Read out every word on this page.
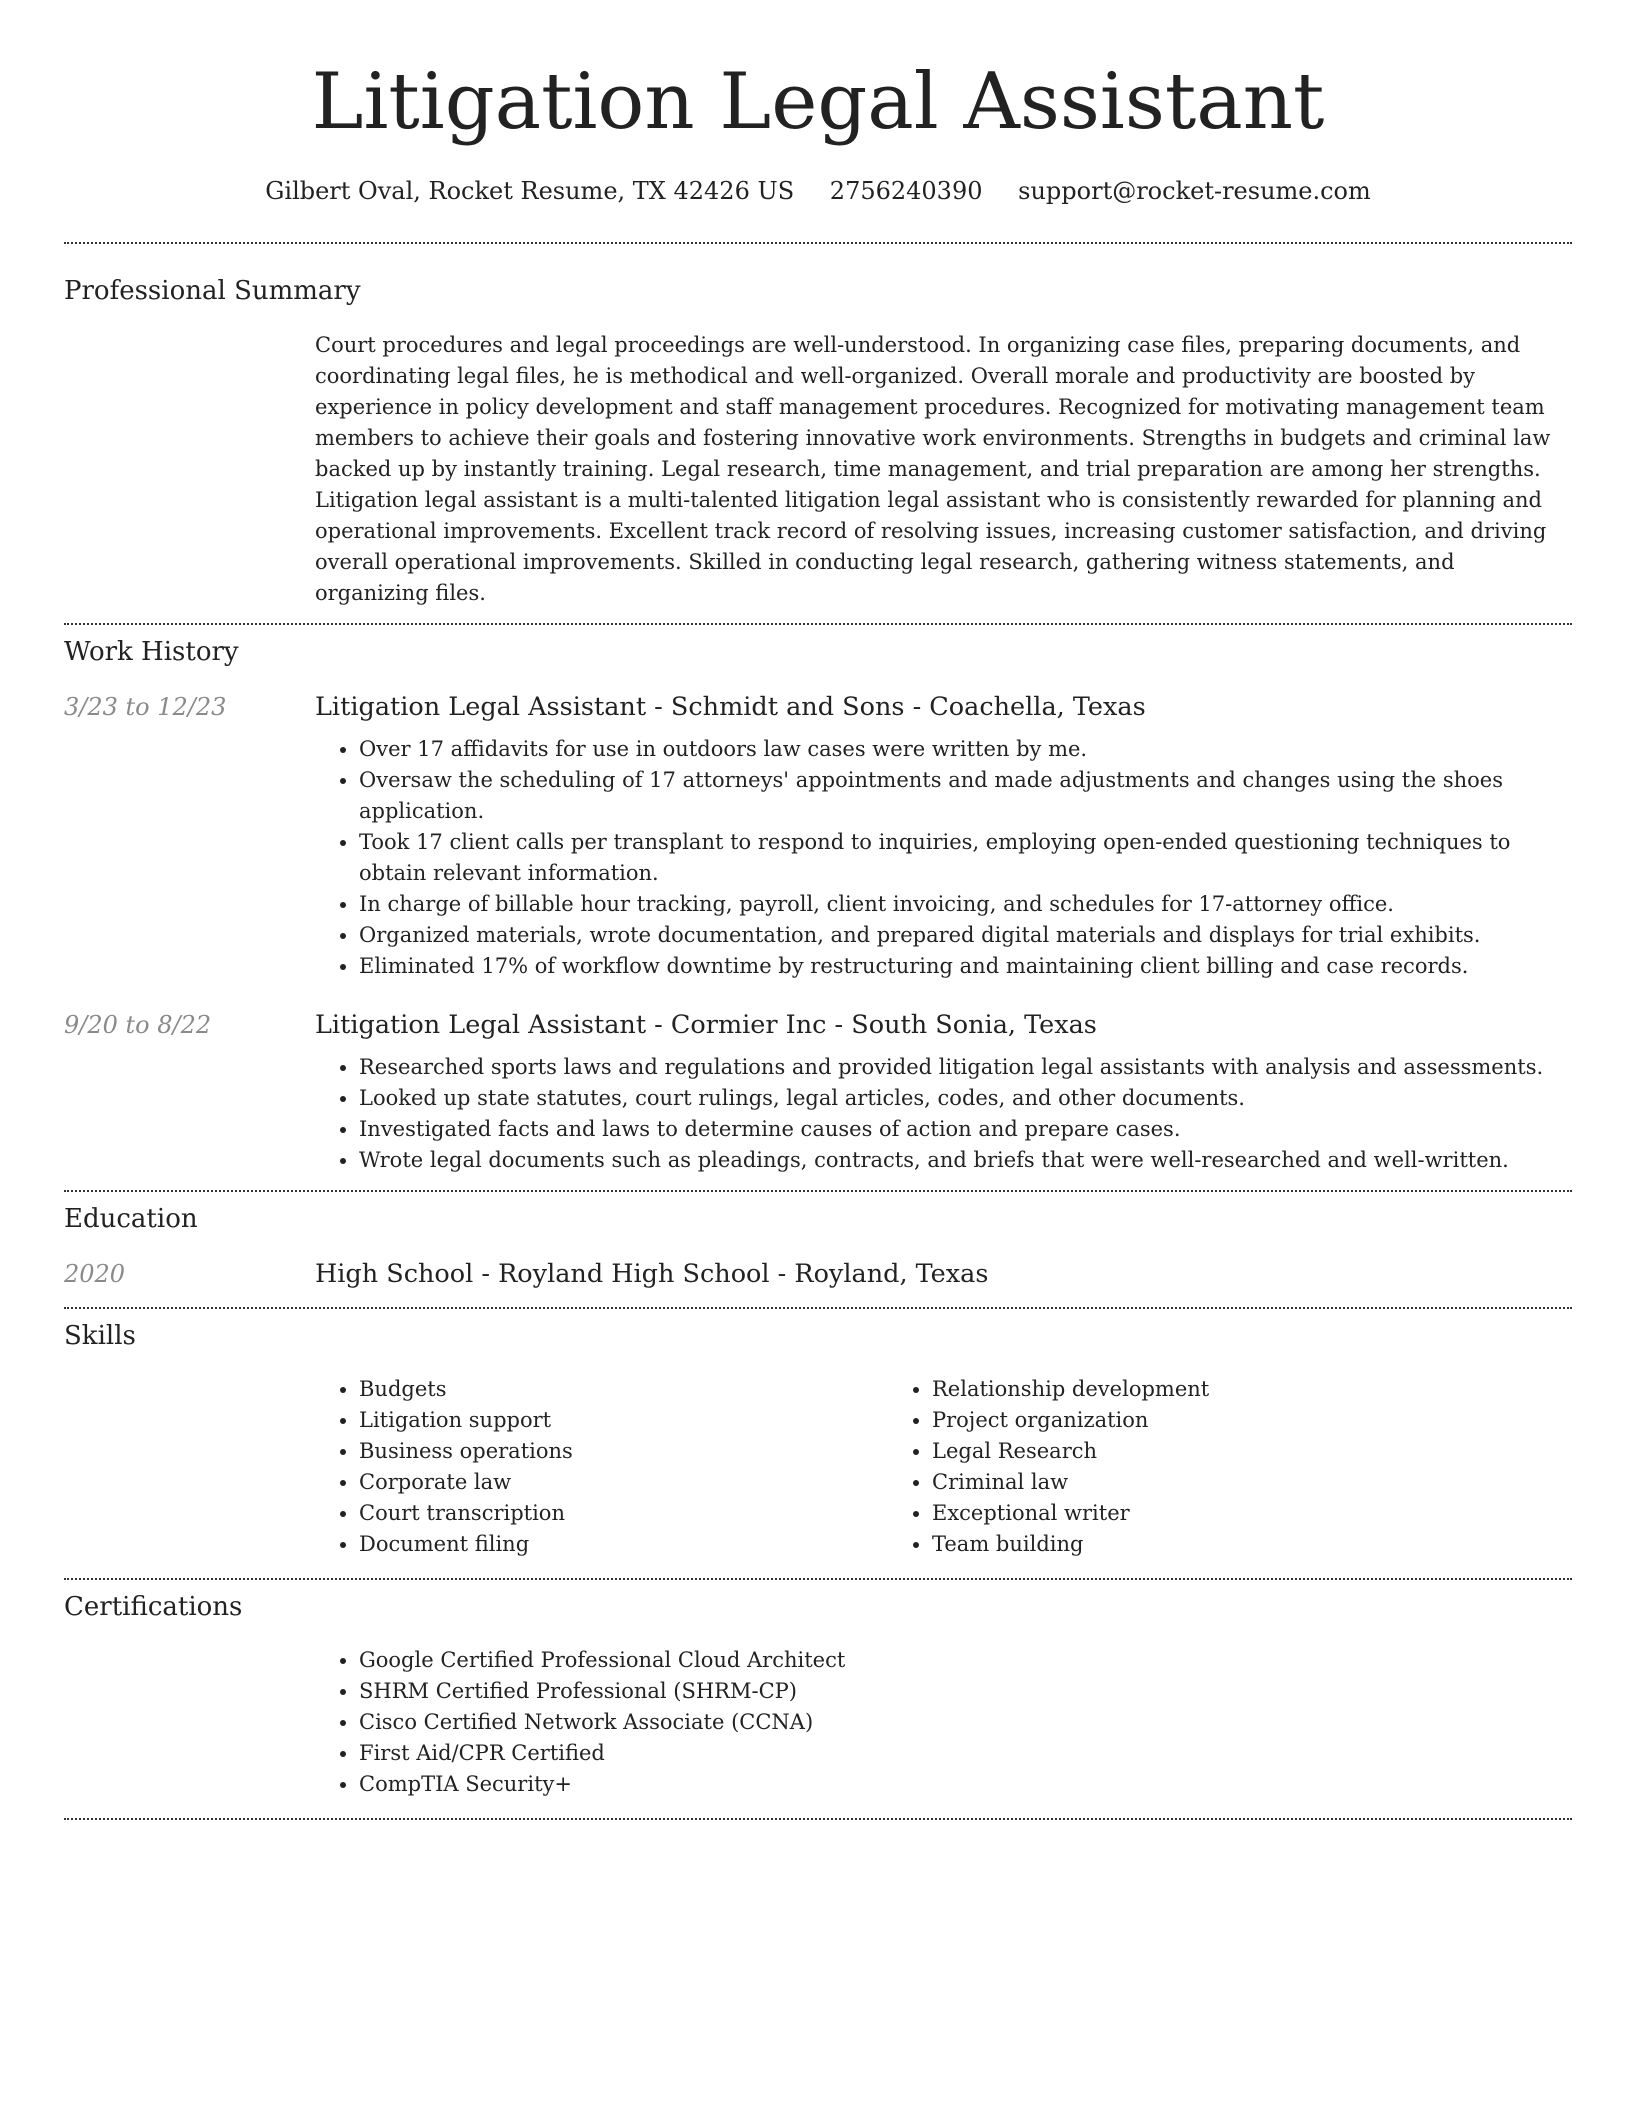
Litigation Legal Assistant
Gilbert Oval, Rocket Resume, TX 42426 US 2756240390 support@rocket-resume.com
Professional Summary

Court procedures and legal proceedings are well-understood. In organizing case files, preparing documents, and coordinating legal files, he is methodical and well-organized. Overall morale and productivity are boosted by experience in policy development and staff management procedures. Recognized for motivating management team members to achieve their goals and fostering innovative work environments. Strengths in budgets and criminal law backed up by instantly training. Legal research, time management, and trial preparation are among her strengths. Litigation legal assistant is a multi-talented litigation legal assistant who is consistently rewarded for planning and operational improvements. Excellent track record of resolving issues, increasing customer satisfaction, and driving overall operational improvements. Skilled in conducting legal research, gathering witness statements, and organizing files.

Work History
3/23 to 12/23	Litigation Legal Assistant - Schmidt and Sons - Coachella, Texas
• Over 17 affidavits for use in outdoors law cases were written by me.
• Oversaw the scheduling of 17 attorneys' appointments and made adjustments and changes using the shoes application.
• Took 17 client calls per transplant to respond to inquiries, employing open-ended questioning techniques to obtain relevant information.
• In charge of billable hour tracking, payroll, client invoicing, and schedules for 17-attorney office.
• Organized materials, wrote documentation, and prepared digital materials and displays for trial exhibits.
• Eliminated 17% of workflow downtime by restructuring and maintaining client billing and case records.
9/20 to 8/22	Litigation Legal Assistant - Cormier Inc - South Sonia, Texas
• Researched sports laws and regulations and provided litigation legal assistants with analysis and assessments.
• Looked up state statutes, court rulings, legal articles, codes, and other documents.
• Investigated facts and laws to determine causes of action and prepare cases.
• Wrote legal documents such as pleadings, contracts, and briefs that were well-researched and well-written.
Education
2020	High School - Royland High School - Royland, Texas
Skills
• Budgets
• Litigation support
• Business operations
• Corporate law
• Court transcription
• Document filing
• Relationship development
• Project organization
• Legal Research
• Criminal law
• Exceptional writer
• Team building
Certifications
• Google Certified Professional Cloud Architect
• SHRM Certified Professional (SHRM-CP)
• Cisco Certified Network Associate (CCNA)
• First Aid/CPR Certified
• CompTIA Security+
